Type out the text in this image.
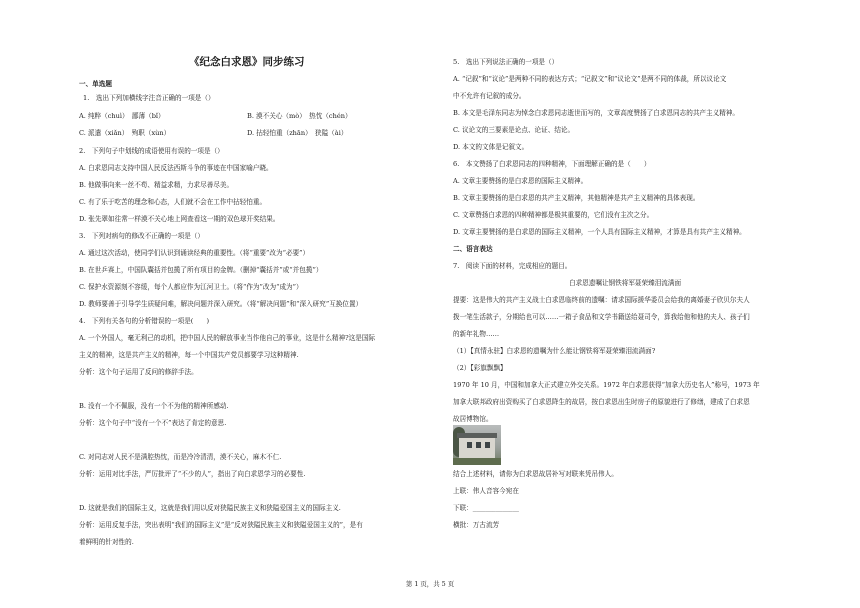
《纪念白求恩》同步练习
一、单选题
1.　选出下列加横线字注音正确的一项是（）
A. 纯粹（chuì）　鄙薄（bǐ）	B. 漠不关心（mò）　热忱（chén）
C. 派遣（xiǎn）　殉职（xùn）	D. 拈轻怕重（zhān）　狭隘（ài）
2.　下列句子中划线的成语使用有误的一项是（）
A. 白求恩同志支持中国人民反法西斯斗争的事迹在中国家喻户晓。
B. 他做事向来一丝不苟、精益求精，力求尽善尽美。
C. 有了乐于吃苦的理念和心态，人们就不会在工作中拈轻怕重。
D. 张先翠如往常一样漠不关心地上网查看这一期的双色球开奖结果。
3.　下列对病句的修改不正确的一项是（）
A. 通过这次活动，使同学们认识到诵读经典的重要性。（将“重要”改为“必要”）
B. 在世乒赛上，中国队囊括并包揽了所有项目的金牌。（删掉“囊括并”或“并包揽”）
C. 保护水资源刻不容缓，每个人都应作为江河卫士。（将“作为”改为“成为”）
D. 教师要善于引导学生质疑问难，解决问题并深入研究。（将“解决问题”和“深入研究”互换位置）
4.　下列有关各句的分析错误的一项是(　　)
A. 一个外国人，毫无利己的动机，把中国人民的解放事业当作他自己的事业，这是什么精神?这是国际
主义的精神，这是共产主义的精神，每一个中国共产党员都要学习这种精神.
分析：这个句子运用了反问的修辞手法。
B. 没有一个不佩服，没有一个不为他的精神所感动.
分析：这个句子中“没有一个不”表达了肯定的意思.
C. 对同志对人民不是满腔热忱，而是冷冷清清，漠不关心，麻木不仁.
分析：运用对比手法，严厉批评了“不少的人”，指出了向白求恩学习的必要性.
D. 这就是我们的国际主义，这就是我们用以反对狭隘民族主义和狭隘爱国主义的国际主义.
分析：运用反复手法，突出表明“我们的国际主义”是“反对狭隘民族主义和狭隘爱国主义的”，是有
着鲜明的针对性的.
5.　选出下列说法正确的一项是（）
A. “记叙”和“议论”是两种不同的表达方式；“记叙文”和“议论文”是两不同的体裁，所以议论文
中不允许有记叙的成分。
B. 本文是毛泽东同志为悼念白求恩同志逝世而写的，文章高度赞扬了白求恩同志的共产主义精神。
C. 议论文的三要素是论点、论证、结论。
D. 本文的文体是记叙文。
6.　本文赞扬了白求恩同志的四种精神，下面理解正确的是（　　）
A. 文章主要赞扬的是白求恩的国际主义精神。
B. 文章主要赞扬的是白求恩的共产主义精神，其他精神是共产主义精神的具体表现。
C. 文章赞扬白求恩的四种精神都是极其重要的，它们没有主次之分。
D. 文章主要赞扬的是白求恩的国际主义精神，一个人具有国际主义精神，才算是具有共产主义精神。
二、语言表达
7.　阅读下面的材料，完成相应的题目。
白求恩遗嘱让钢铁将军聂荣臻泪流满面
提要：这是伟大的共产主义战士白求恩临终前的遗嘱：请求国际援华委员会给我的离婚妻子欣贝尔夫人
拨一笔生活款子，分期给也可以……一箱子食品和文学书籍送给聂司令，算我给他和他的夫人、孩子们
的新年礼物……
（1）【真情永驻】白求恩的遗嘱为什么能让钢铁将军聂荣臻泪流满面?
（2）【彩旗飘飘】
1970 年 10 月，中国和加拿大正式建立外交关系。1972 年白求恩获得“加拿大历史名人”称号，1973 年
加拿大联邦政府出资购买了白求恩降生的故居，按白求恩出生时房子的原貌进行了修缮，建成了白求恩
故居博物馆。
结合上述材料，请你为白求恩故居补写对联来凭吊伟人。
上联：伟人音容今宛在
下联：______________
横批：万古流芳
第 1 页，共 5 页
